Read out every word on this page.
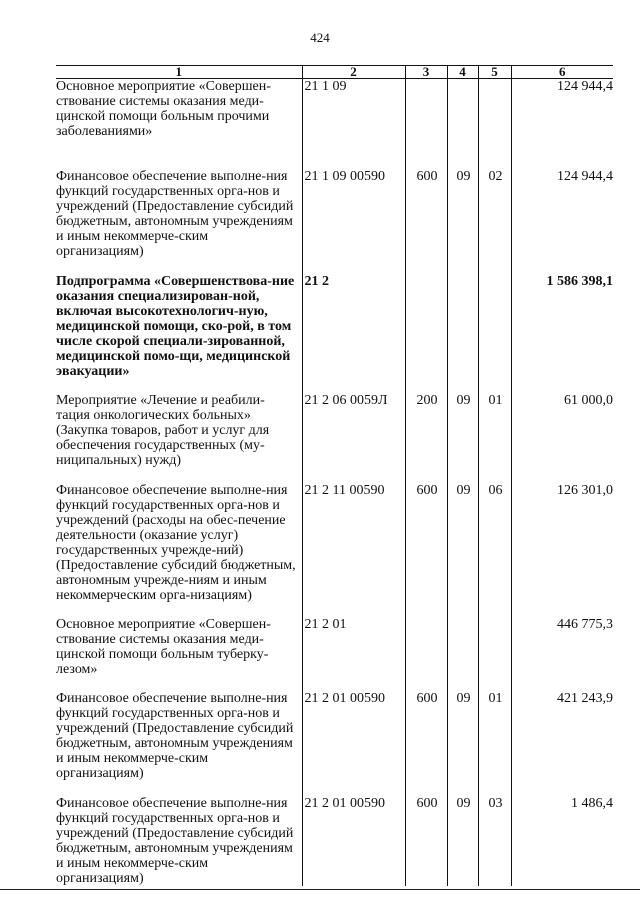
424
1	2	3	4	5	6
Основное мероприятие «Совершен-ствование системы оказания меди-цинской помощи больным прочими заболеваниями»	21 1 09				124 944,4
Финансовое обеспечение выполне-ния функций государственных орга-нов и учреждений (Предоставление субсидий бюджетным, автономным учреждениям и иным некоммерче-ским организациям)	21 1 09 00590	600	09	02	124 944,4
Подпрограмма «Совершенствова-ние оказания специализирован-ной, включая высокотехнологич-ную, медицинской помощи, ско-рой, в том числе скорой специали-зированной, медицинской помо-щи, медицинской эвакуации»	21 2				1 586 398,1
Мероприятие «Лечение и реабили-тация онкологических больных» (Закупка товаров, работ и услуг для обеспечения государственных (му-ниципальных) нужд)	21 2 06 0059Л	200	09	01	61 000,0
Финансовое обеспечение выполне-ния функций государственных орга-нов и учреждений (расходы на обес-печение деятельности (оказание услуг) государственных учрежде-ний) (Предоставление субсидий бюджетным, автономным учрежде-ниям и иным некоммерческим орга-низациям)	21 2 11 00590	600	09	06	126 301,0
Основное мероприятие «Совершен-ствование системы оказания меди-цинской помощи больным туберку-лезом»	21 2 01				446 775,3
Финансовое обеспечение выполне-ния функций государственных орга-нов и учреждений (Предоставление субсидий бюджетным, автономным учреждениям и иным некоммерче-ским организациям)	21 2 01 00590	600	09	01	421 243,9
Финансовое обеспечение выполне-ния функций государственных орга-нов и учреждений (Предоставление субсидий бюджетным, автономным учреждениям и иным некоммерче-ским организациям)	21 2 01 00590	600	09	03	1 486,4
